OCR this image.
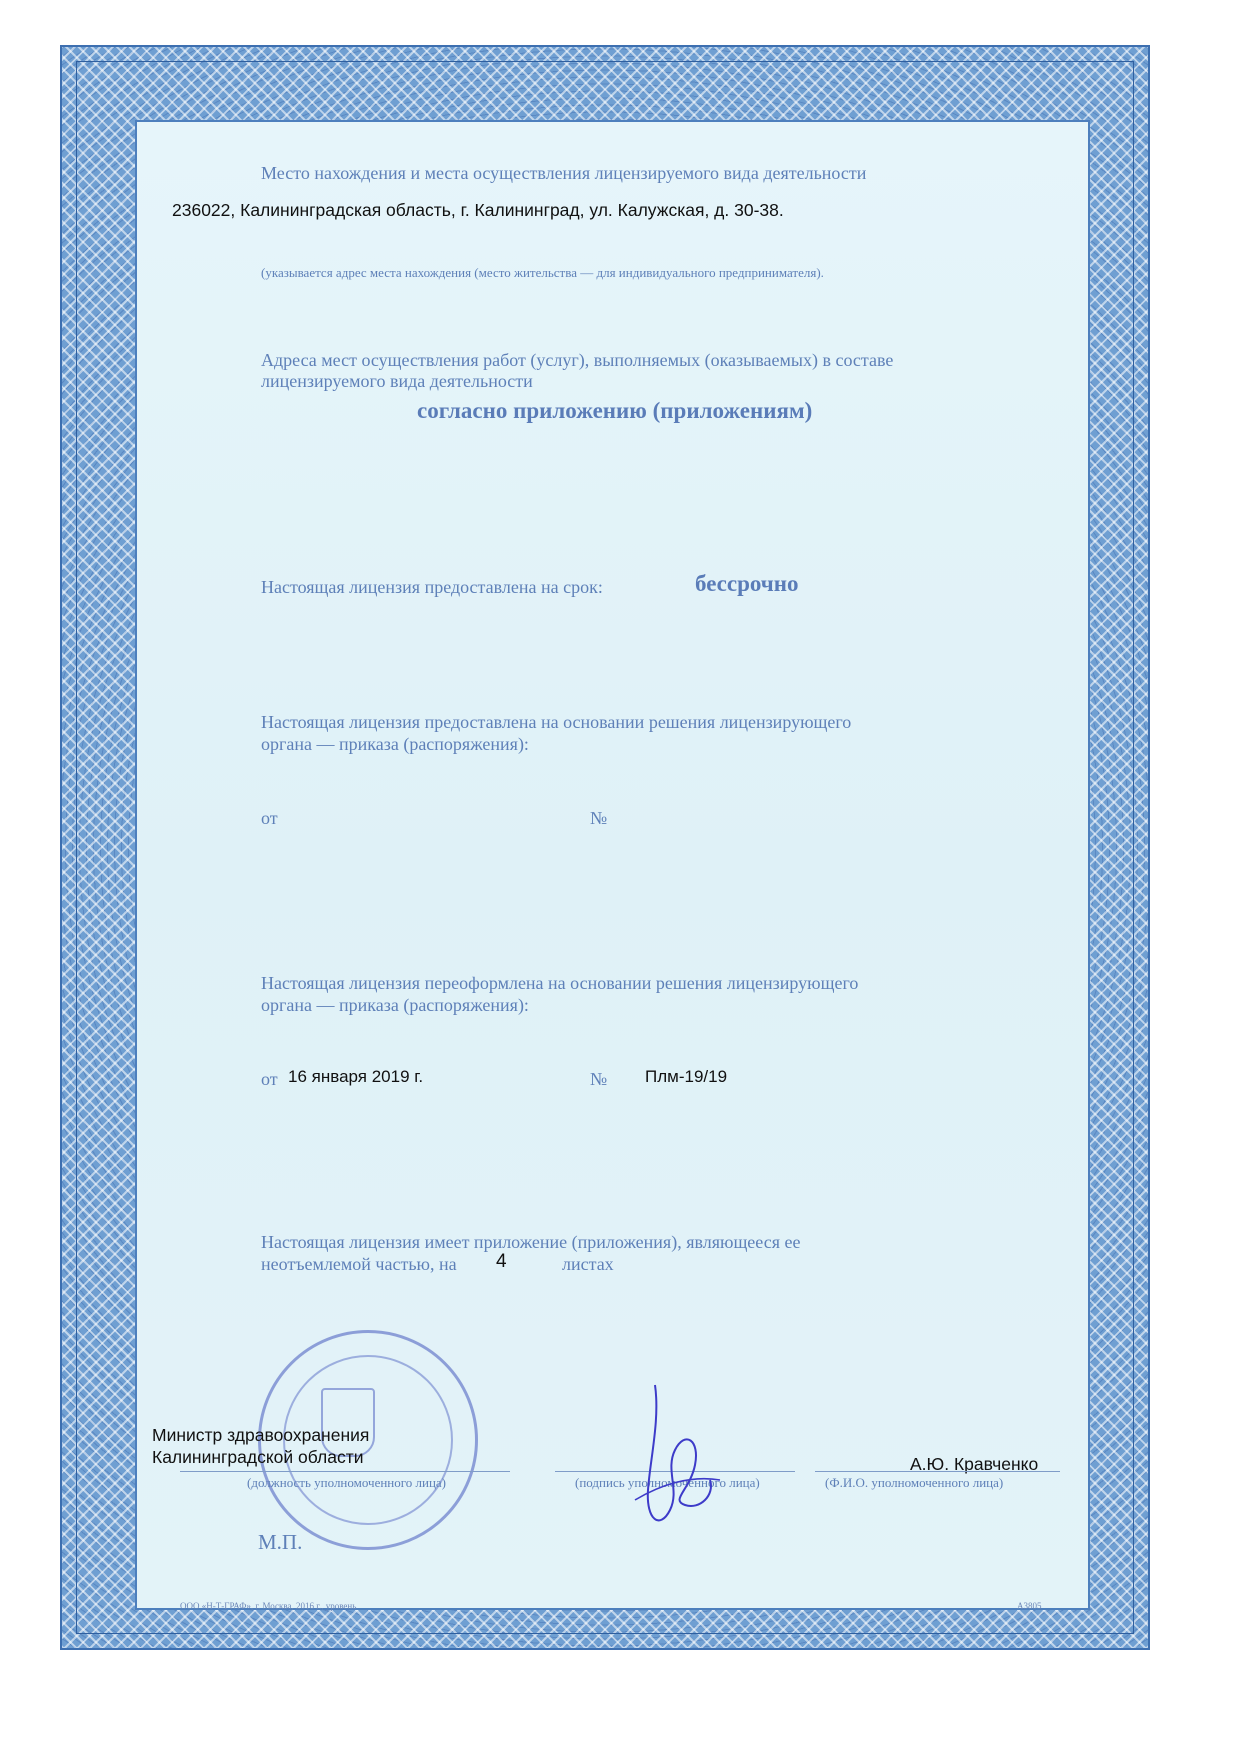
Место нахождения и места осуществления лицензируемого вида деятельности
236022, Калининградская область, г. Калининград, ул. Калужская, д. 30-38.
(указывается адрес места нахождения (место жительства — для индивидуального предпринимателя).
Адреса мест осуществления работ (услуг), выполняемых (оказываемых) в составе
лицензируемого вида деятельности
согласно приложению (приложениям)
Настоящая лицензия предоставлена на срок:	бессрочно
Настоящая лицензия предоставлена на основании решения лицензирующего
органа — приказа (распоряжения):
от	№
Настоящая лицензия переоформлена на основании решения лицензирующего
органа — приказа (распоряжения):
от 16 января 2019 г.	№ Плм-19/19
Настоящая лицензия имеет приложение (приложения), являющееся ее
неотъемлемой частью, на 4	листах
Министр здравоохранения
Калининградской области
(должность уполномоченного лица)	(подпись уполномоченного лица)
А.Ю. Кравченко
(Ф.И.О. уполномоченного лица)
М.П.
ООО «Н-Т-ГРАФ», г. Москва, 2016 г., уровень	А3805
